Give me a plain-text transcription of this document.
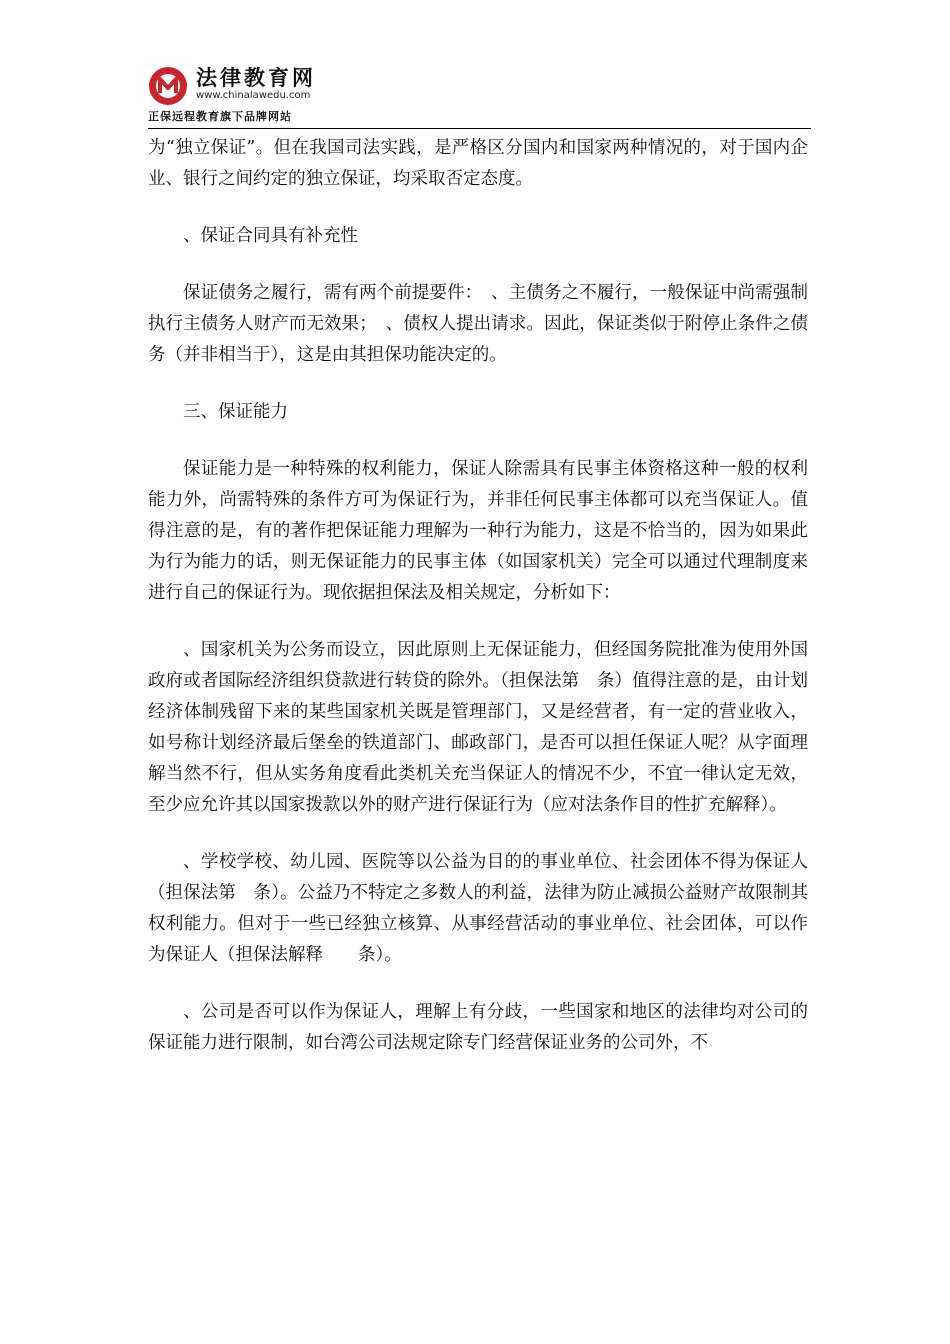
法律教育网
www.chinalawedu.com
正保远程教育旗下品牌网站

为“独立保证”。但在我国司法实践，是严格区分国内和国家两种情况的，对于国内企业、银行之间约定的独立保证，均采取否定态度。

、保证合同具有补充性

保证债务之履行，需有两个前提要件：　、主债务之不履行，一般保证中尚需强制执行主债务人财产而无效果；　、债权人提出请求。因此，保证类似于附停止条件之债务（并非相当于），这是由其担保功能决定的。

三、保证能力

保证能力是一种特殊的权利能力，保证人除需具有民事主体资格这种一般的权利能力外，尚需特殊的条件方可为保证行为，并非任何民事主体都可以充当保证人。值得注意的是，有的著作把保证能力理解为一种行为能力，这是不恰当的，因为如果此为行为能力的话，则无保证能力的民事主体（如国家机关）完全可以通过代理制度来进行自己的保证行为。现依据担保法及相关规定，分析如下：

、国家机关为公务而设立，因此原则上无保证能力，但经国务院批准为使用外国政府或者国际经济组织贷款进行转贷的除外。（担保法第　条）值得注意的是，由计划经济体制残留下来的某些国家机关既是管理部门，又是经营者，有一定的营业收入，如号称计划经济最后堡垒的铁道部门、邮政部门，是否可以担任保证人呢？从字面理解当然不行，但从实务角度看此类机关充当保证人的情况不少，不宜一律认定无效，至少应允许其以国家拨款以外的财产进行保证行为（应对法条作目的性扩充解释）。

、学校学校、幼儿园、医院等以公益为目的的事业单位、社会团体不得为保证人（担保法第　条）。公益乃不特定之多数人的利益，法律为防止减损公益财产故限制其权利能力。但对于一些已经独立核算、从事经营活动的事业单位、社会团体，可以作为保证人（担保法解释　　条）。

、公司是否可以作为保证人，理解上有分歧，一些国家和地区的法律均对公司的保证能力进行限制，如台湾公司法规定除专门经营保证业务的公司外，不
